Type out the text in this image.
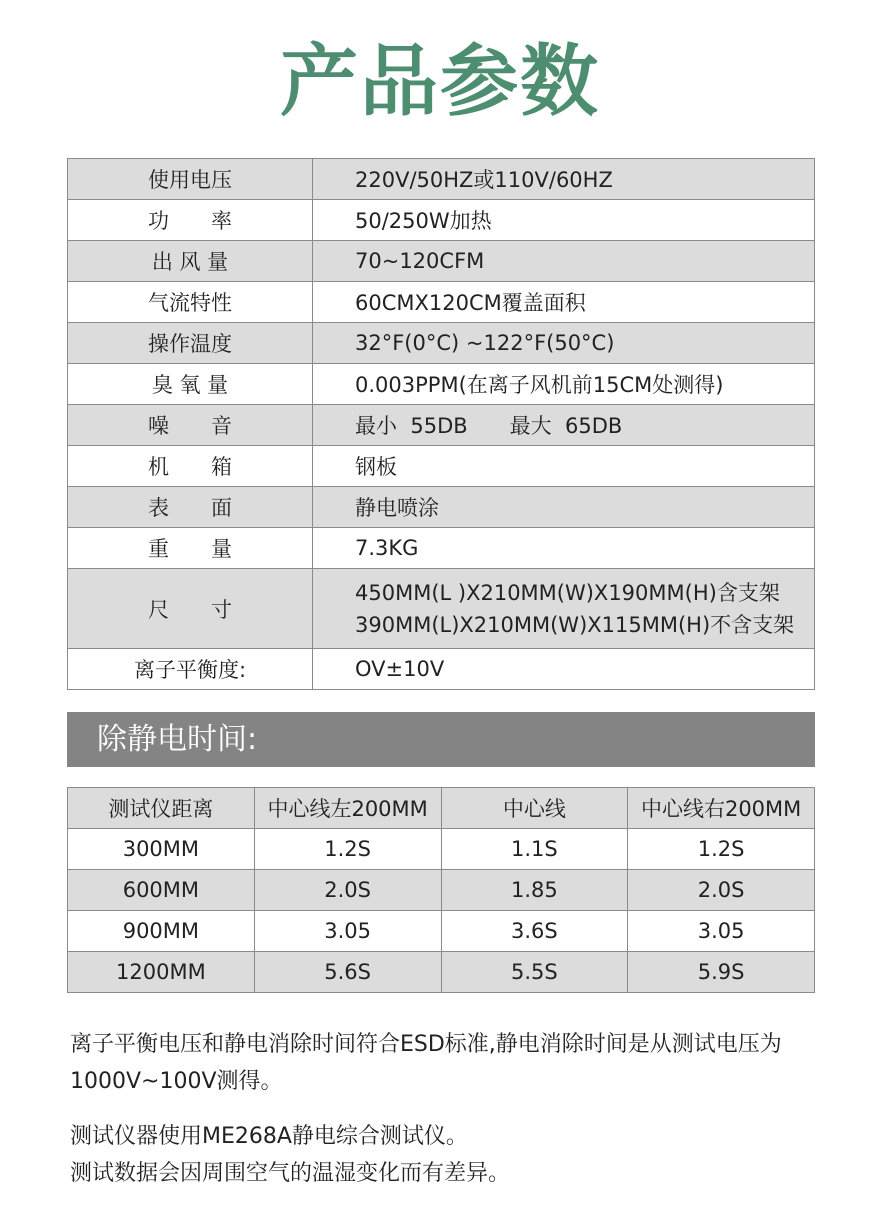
产品参数
使用电压	220V/50HZ或110V/60HZ
功　　率	50/250W加热
出 风 量	70~120CFM
气流特性	60CMX120CM覆盖面积
操作温度	32°F(0°C) ~122°F(50°C)
臭 氧 量	0.003PPM(在离子风机前15CM处测得)
噪　　音	最小  55DB　　最大  65DB
机　　箱	钢板
表　　面	静电喷涂
重　　量	7.3KG
尺　　寸	450MM(L )X210MM(W)X190MM(H)含支架
390MM(L)X210MM(W)X115MM(H)不含支架

离子平衡度:	OV±10V
除静电时间:
测试仪距离	中心线左200MM	中心线	中心线右200MM
300MM	1.2S	1.1S	1.2S
600MM	2.0S	1.85	2.0S
900MM	3.05	3.6S	3.05
1200MM	5.6S	5.5S	5.9S
离子平衡电压和静电消除时间符合ESD标准,静电消除时间是从测试电压为1000V~100V测得。
测试仪器使用ME268A静电综合测试仪。
测试数据会因周围空气的温湿变化而有差异。
